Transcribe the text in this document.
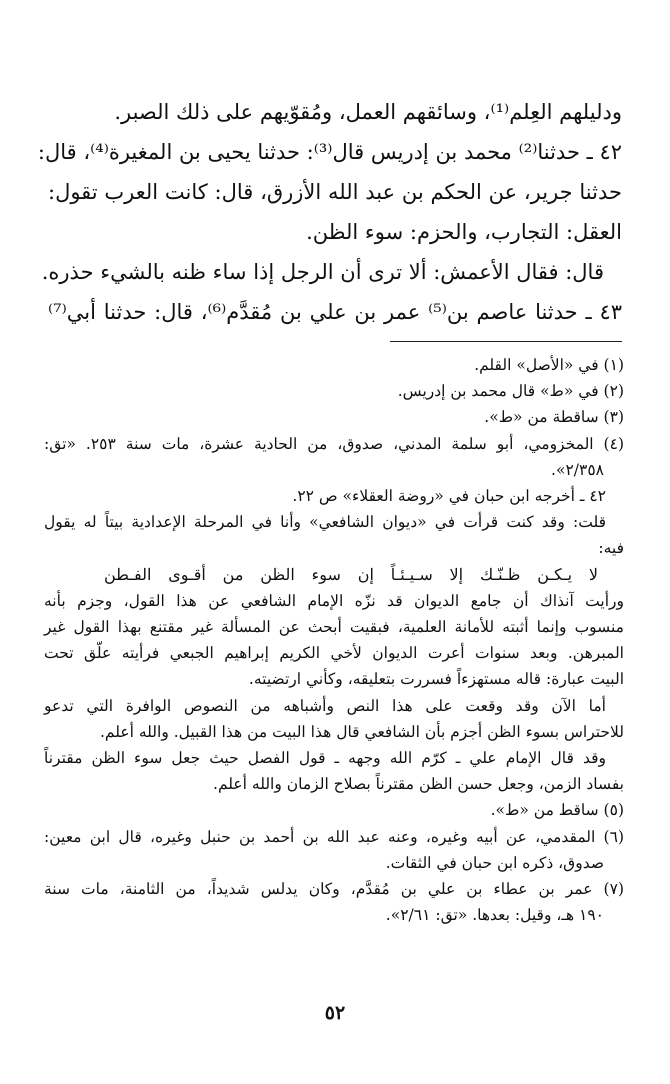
ودليلهم العِلم⁽¹⁾، وسائقهم العمل، ومُقوّيهم على ذلك الصبر.

٤٢ ـ حدثنا⁽²⁾ محمد بن إدريس قال⁽³⁾: حدثنا يحيى بن المغيرة⁽⁴⁾، قال:

حدثنا جرير، عن الحكم بن عبد الله الأزرق، قال: كانت العرب تقول:

العقل: التجارب، والحزم: سوء الظن.

قال: فقال الأعمش: ألا ترى أن الرجل إذا ساء ظنه بالشيء حذره.

٤٣ ـ حدثنا عاصم بن⁽⁵⁾ عمر بن علي بن مُقدَّم⁽⁶⁾، قال: حدثنا أبي⁽⁷⁾

(١) في «الأصل» القلم.

(٢) في «ط» قال محمد بن إدريس.

(٣) ساقطة من «ط».

(٤) المخزومي، أبو سلمة المدني، صدوق، من الحادية عشرة، مات سنة ٢٥٣. «تق:

٢/٣٥٨».

٤٢ ـ أخرجه ابن حبان في «روضة العقلاء» ص ٢٢.

قلت: وقد كنت قرأت في «ديوان الشافعي» وأنا في المرحلة الإعدادية بيتاً له يقول

فيه:

لا يـكـن ظـنّـك إلا سـيـئـاً إن سوء الظن من أقـوى الفـطن

ورأيت آنذاك أن جامع الديوان قد نزّه الإمام الشافعي عن هذا القول، وجزم بأنه

منسوب وإنما أثبته للأمانة العلمية، فبقيت أبحث عن المسألة غير مقتنع بهذا القول غير

المبرهن. وبعد سنوات أعرت الديوان لأخي الكريم إبراهيم الجبعي فرأيته علّق تحت

البيت عبارة: قاله مستهزءاً فسررت بتعليقه، وكأني ارتضيته.

أما الآن وقد وقعت على هذا النص وأشباهه من النصوص الوافرة التي تدعو

للاحتراس بسوء الظن أجزم بأن الشافعي قال هذا البيت من هذا القبيل. والله أعلم.

وقد قال الإمام علي ـ كرّم الله وجهه ـ قول الفصل حيث جعل سوء الظن مقترناً

بفساد الزمن، وجعل حسن الظن مقترناً بصلاح الزمان والله أعلم.

(٥) ساقط من «ط».

(٦) المقدمي، عن أبيه وغيره، وعنه عبد الله بن أحمد بن حنبل وغيره، قال ابن معين:

صدوق، ذكره ابن حبان في الثقات.

(٧) عمر بن عطاء بن علي بن مُقدَّم، وكان يدلس شديداً، من الثامنة، مات سنة

١٩٠ هـ، وقيل: بعدها. «تق: ٢/٦١».

٥٢
